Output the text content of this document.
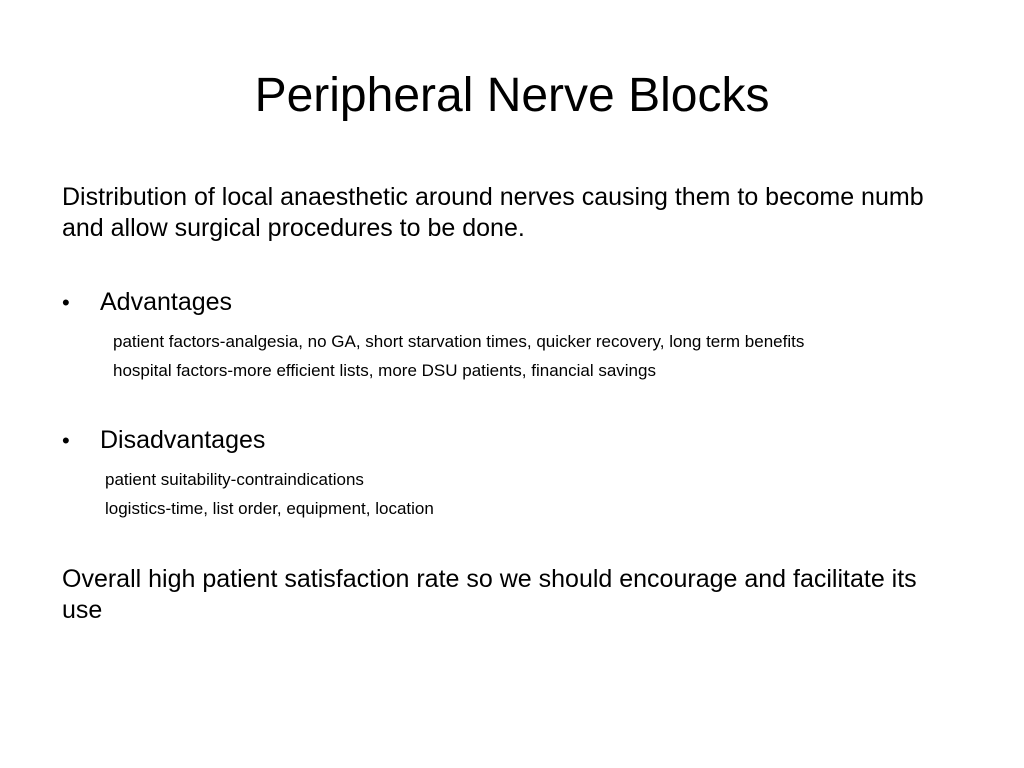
Peripheral Nerve Blocks
Distribution of local anaesthetic around nerves causing them to become numb and allow surgical procedures to be done.
• Advantages
patient factors-analgesia, no GA, short starvation times, quicker recovery, long term benefits
hospital factors-more efficient lists, more DSU patients, financial savings
• Disadvantages
patient suitability-contraindications
logistics-time, list order, equipment, location
Overall high patient satisfaction rate so we should encourage and facilitate its use
